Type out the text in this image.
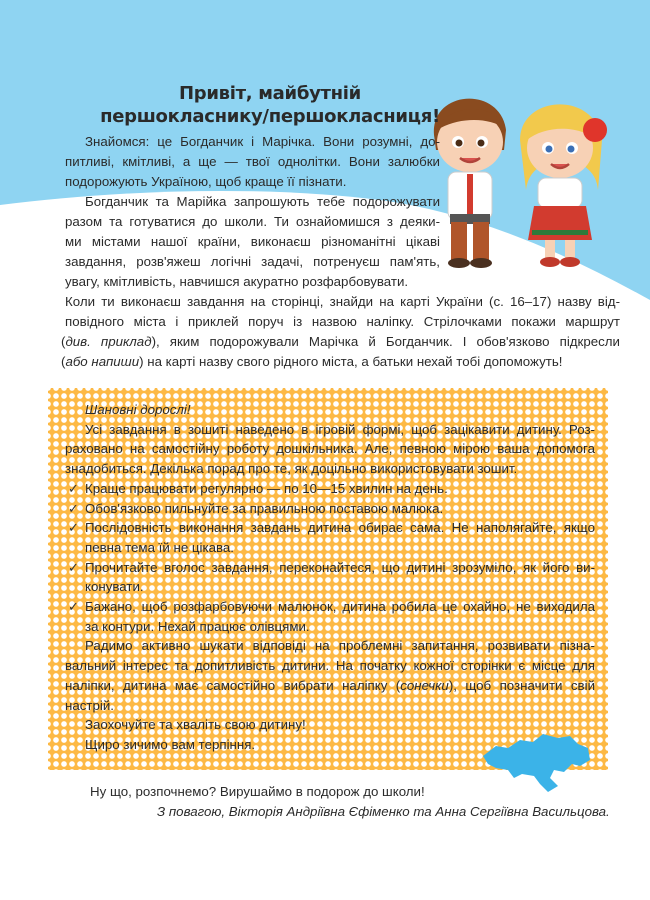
Привіт, майбутній
першокласнику/першокласниця!
Знайомся: це Богданчик і Марічка. Вони розумні, до-
питливі, кмітливі, а ще — твої однолітки. Вони залюбки
подорожують Україною, щоб краще її пізнати.
Богданчик та Марійка запрошують тебе подорожувати
разом та готуватися до школи. Ти ознайомишся з деяки-
ми містами нашої країни, виконаєш різноманітні цікаві
завдання, розв'яжеш логічні задачі, потренуєш пам'ять,
увагу, кмітливість, навчишся акуратно розфарбовувати.
Коли ти виконаєш завдання на сторінці, знайди на карті України (с. 16–17) назву від-
повідного міста і приклей поруч із назвою наліпку. Стрілочками покажи маршрут
(див. приклад), яким подорожували Марічка й Богданчик. І обов'язково підкресли
(або напиши) на карті назву свого рідного міста, а батьки нехай тобі допоможуть!
Шановні дорослі!
Усі завдання в зошиті наведено в ігровій формі, щоб зацікавити дитину. Роз-
раховано на самостійну роботу дошкільника. Але, певною мірою ваша допомога
знадобиться. Декілька порад про те, як доцільно використовувати зошит.
✓ Краще працювати регулярно — по 10—15 хвилин на день.
✓ Обов'язково пильнуйте за правильною поставою малюка.
✓ Послідовність виконання завдань дитина обирає сама. Не наполягайте, якщо
певна тема їй не цікава.
✓ Прочитайте вголос завдання, переконайтеся, що дитині зрозуміло, як його ви-
конувати.
✓ Бажано, щоб розфарбовуючи малюнок, дитина робила це охайно, не виходила
за контури. Нехай працює олівцями.
Радимо активно шукати відповіді на проблемні запитання, розвивати пізна-
вальний інтерес та допитливість дитини. На початку кожної сторінки є місце для
наліпки, дитина має самостійно вибрати наліпку (сонечки), щоб позначити свій
настрій.
Заохочуйте та хваліть свою дитину!
Щиро зичимо вам терпіння.
Ну що, розпочнемо? Вирушаймо в подорож до школи!
З повагою, Вікторія Андріївна Єфіменко та Анна Сергіївна Васильцова.
